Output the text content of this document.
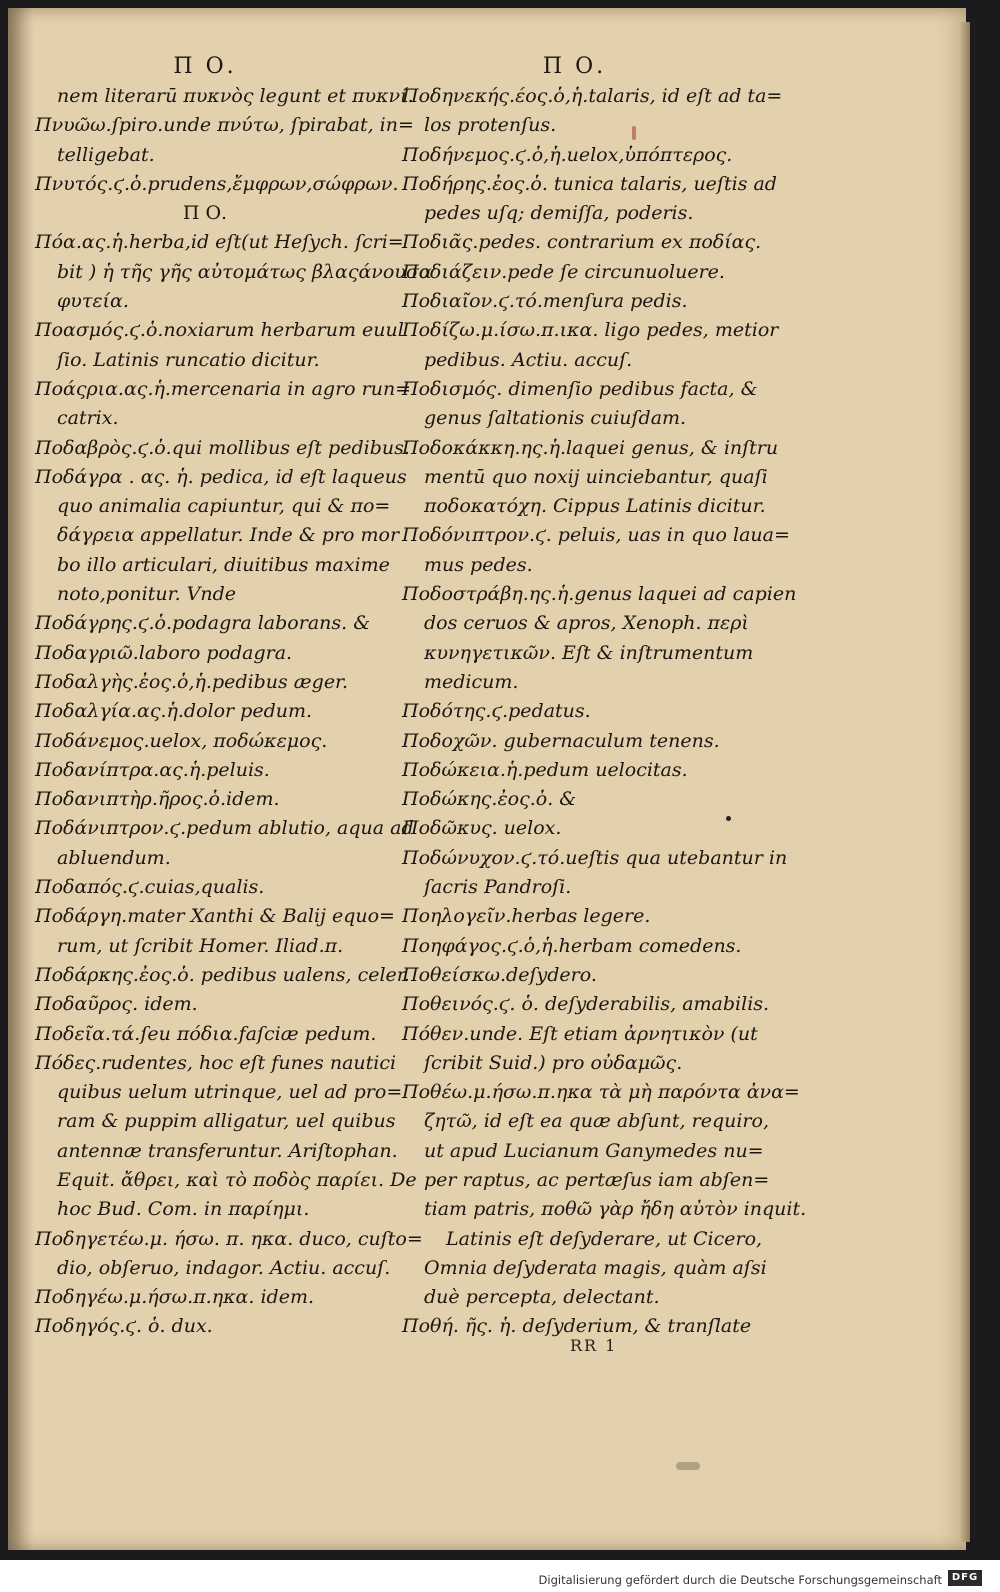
Π Ο.
nem literarū πυκνὸς legunt et πυκνί.
Πνυῶω.ſpiro.unde πνύτω, ſpirabat, in=
telligebat.
Πνυτός.ϛ.ὁ.prudens,ἔμφρων,σώφρων.
Π Ο.
Πόα.ας.ἡ.herba,id eſt(ut Heſych. ſcri=
bit ) ἡ τῆς γῆς αὐτομάτως βλαςάνουσα
φυτεία.
Ποασμός.ϛ.ὁ.noxiarum herbarum euul
ſio. Latinis runcatio dicitur.
Ποάςρια.ας.ἡ.mercenaria in agro run=
catrix.
Ποδαβρὸς.ϛ.ὁ.qui mollibus eſt pedibus.
Ποδάγρα . ας. ἡ. pedica, id eſt laqueus
quo animalia capiuntur, qui & πο=
δάγρεια appellatur. Inde & pro mor
bo illo articulari, diuitibus maxime
noto,ponitur. Vnde
Ποδάγρης.ϛ.ὁ.podagra laborans. &
Ποδαγριῶ.laboro podagra.
Ποδαλγὴς.ἐος.ὁ,ἡ.pedibus æger.
Ποδαλγία.ας.ἡ.dolor pedum.
Ποδάνεμος.uelox, ποδώκεμος.
Ποδανίπτρα.ας.ἡ.peluis.
Ποδανιπτὴρ.ῆρος.ὁ.idem.
Ποδάνιπτρον.ϛ.pedum ablutio, aqua ad
abluendum.
Ποδαπός.ϛ.cuias,qualis.
Ποδάργη.mater Xanthi & Balij equo=
rum, ut ſcribit Homer. Iliad.π.
Ποδάρκης.ἐος.ὁ. pedibus ualens, celer.
Ποδαῦρος. idem.
Ποδεῖα.τά.ſeu πόδια.faſciæ pedum.
Πόδες.rudentes, hoc eſt funes nautici
quibus uelum utrinque, uel ad pro=
ram & puppim alligatur, uel quibus
antennæ transferuntur. Ariſtophan.
Equit. ἄθρει, καὶ τὸ ποδὸς παρίει. De
hoc Bud. Com. in παρίημι.
Ποδηγετέω.μ. ήσω. π. ηκα. duco, cuſto=
dio, obſeruo, indagor. Actiu. accuſ.
Ποδηγέω.μ.ήσω.π.ηκα. idem.
Ποδηγός.ϛ. ὁ. dux.
Π Ο.
Ποδηνεκής.έος.ὁ,ἡ.talaris, id eſt ad ta=
los protenſus.
Ποδήνεμος.ϛ.ὁ,ἡ.uelox,ὑπόπτερος.
Ποδήρης.ἐος.ὁ. tunica talaris, ueſtis ad
pedes uſq; demiſſa, poderis.
Ποδιᾶς.pedes. contrarium ex ποδίας.
Ποδιάζειν.pede ſe circunuoluere.
Ποδιαῖον.ϛ.τό.menſura pedis.
Ποδίζω.μ.ίσω.π.ικα. ligo pedes, metior
pedibus. Actiu. accuſ.
Ποδισμός. dimenſio pedibus facta, &
genus ſaltationis cuiuſdam.
Ποδοκάκκη.ης.ἡ.laquei genus, & inſtru
mentū quo noxij uinciebantur, quaſi
ποδοκατόχη. Cippus Latinis dicitur.
Ποδόνιπτρον.ϛ. peluis, uas in quo laua=
mus pedes.
Ποδοστράβη.ης.ἡ.genus laquei ad capien
dos ceruos & apros, Xenoph. περὶ
κυνηγετικῶν. Eſt & inſtrumentum
medicum.
Ποδότης.ϛ.pedatus.
Ποδοχῶν. gubernaculum tenens.
Ποδώκεια.ἡ.pedum uelocitas.
Ποδώκης.ἐος.ὁ. &
Ποδῶκυς. uelox.
Ποδώνυχον.ϛ.τό.ueſtis qua utebantur in
ſacris Pandroſi.
Ποηλογεῖν.herbas legere.
Ποηφάγος.ϛ.ὁ,ἡ.herbam comedens.
Ποθείσκω.deſydero.
Ποθεινός.ϛ. ὁ. deſyderabilis, amabilis.
Πόθεν.unde. Eſt etiam ἀρνητικὸν (ut
ſcribit Suid.) pro οὐδαμῶς.
Ποθέω.μ.ήσω.π.ηκα τὰ μὴ παρόντα ἀνα=
ζητῶ, id eſt ea quæ abſunt, requiro,
ut apud Lucianum Ganymedes nu=
per raptus, ac pertæſus iam abſen=
tiam patris, ποθῶ γὰρ ἤδη αὐτὸν inquit.
Latinis eſt deſyderare, ut Cicero,
Omnia deſyderata magis, quàm aſsi
duè percepta, delectant.
Ποθή. ῆς. ἡ. deſyderium, & tranſlate
RR 1
Digitalisierung gefördert durch die Deutsche Forschungsgemeinschaft DFG
